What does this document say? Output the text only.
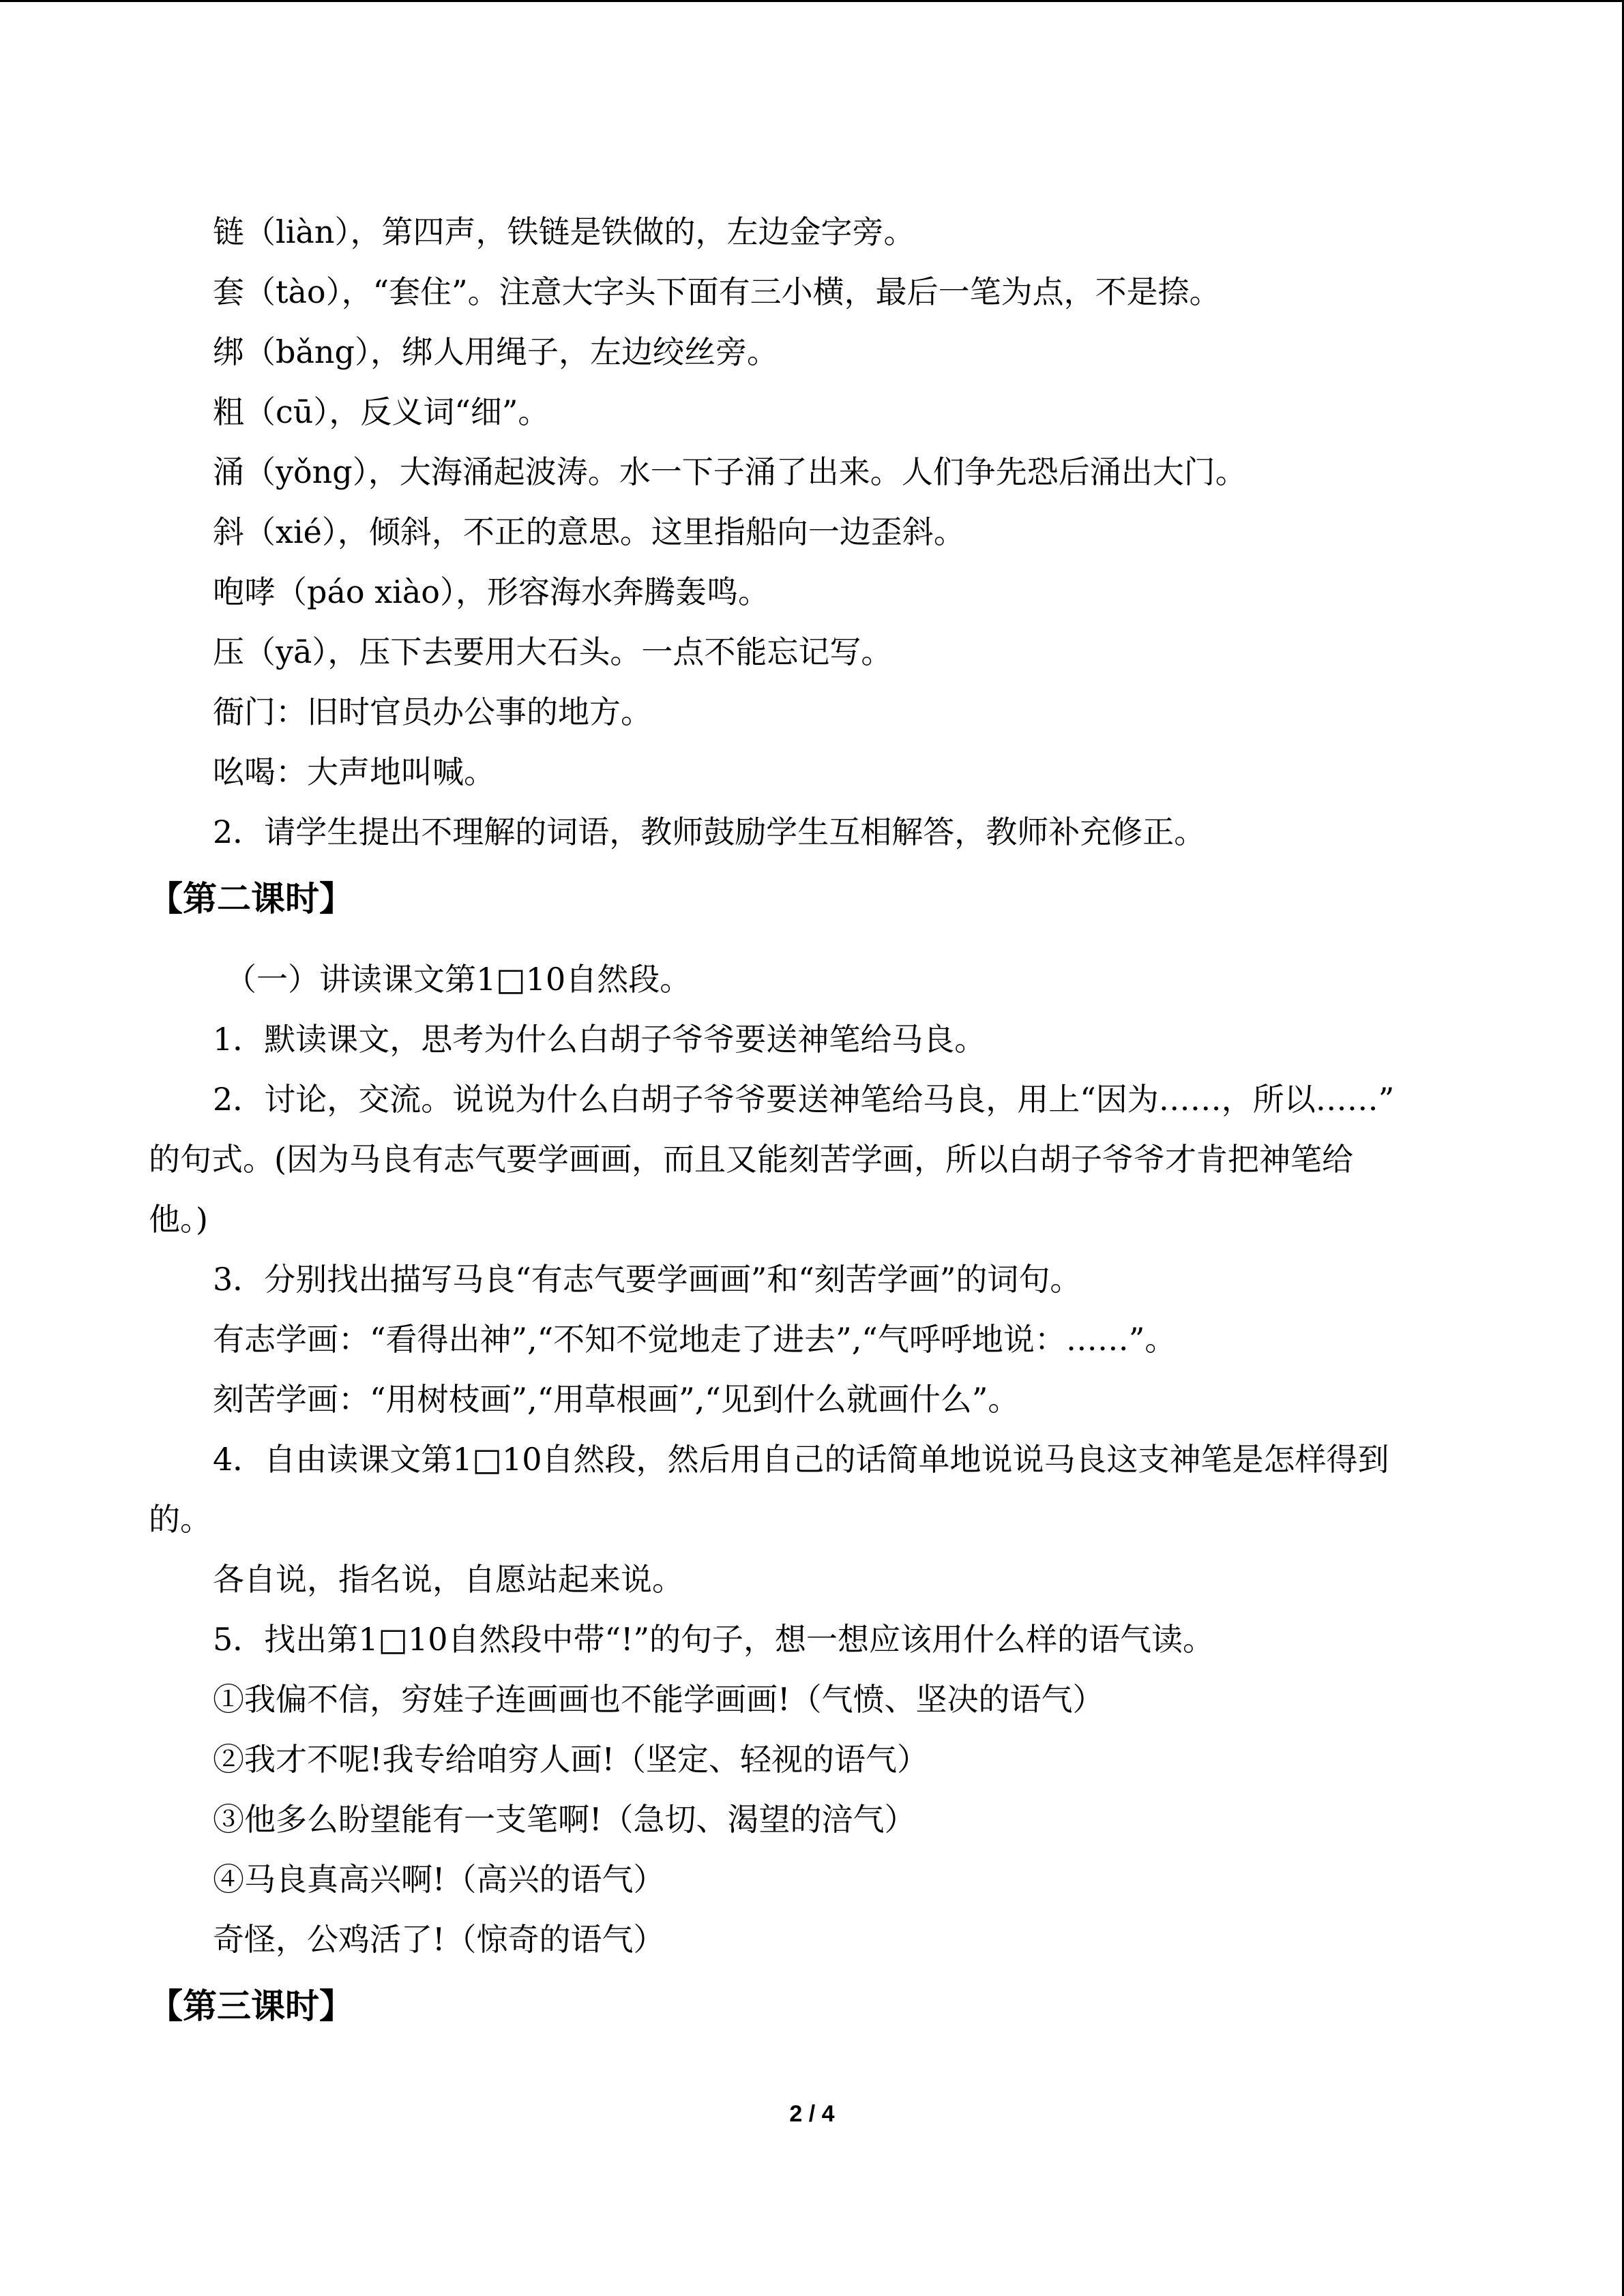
链（liàn），第四声，铁链是铁做的，左边金字旁。
套（tào），“套住”。注意大字头下面有三小横，最后一笔为点，不是捺。
绑（bǎng），绑人用绳子，左边绞丝旁。
粗（cū），反义词“细”。
涌（yǒng），大海涌起波涛。水一下子涌了出来。人们争先恐后涌出大门。
斜（xié），倾斜，不正的意思。这里指船向一边歪斜。
咆哮（páo xiào），形容海水奔腾轰鸣。
压（yā），压下去要用大石头。一点不能忘记写。
衙门：旧时官员办公事的地方。
吆喝：大声地叫喊。
2．请学生提出不理解的词语，教师鼓励学生互相解答，教师补充修正。
【第二课时】
（一）讲读课文第1□10自然段。
1．默读课文，思考为什么白胡子爷爷要送神笔给马良。
2．讨论，交流。说说为什么白胡子爷爷要送神笔给马良，用上“因为……，所以……”
的句式。(因为马良有志气要学画画，而且又能刻苦学画，所以白胡子爷爷才肯把神笔给
他。)
3．分别找出描写马良“有志气要学画画”和“刻苦学画”的词句。
有志学画：“看得出神”,“不知不觉地走了进去”,“气呼呼地说：……”。
刻苦学画：“用树枝画”,“用草根画”,“见到什么就画什么”。
4．自由读课文第1□10自然段，然后用自己的话简单地说说马良这支神笔是怎样得到
的。
各自说，指名说，自愿站起来说。
5．找出第1□10自然段中带“!”的句子，想一想应该用什么样的语气读。
①我偏不信，穷娃子连画画也不能学画画!（气愤、坚决的语气）
②我才不呢!我专给咱穷人画!（坚定、轻视的语气）
③他多么盼望能有一支笔啊!（急切、渴望的涪气）
④马良真高兴啊!（高兴的语气）
奇怪，公鸡活了!（惊奇的语气）
【第三课时】
2 / 4
